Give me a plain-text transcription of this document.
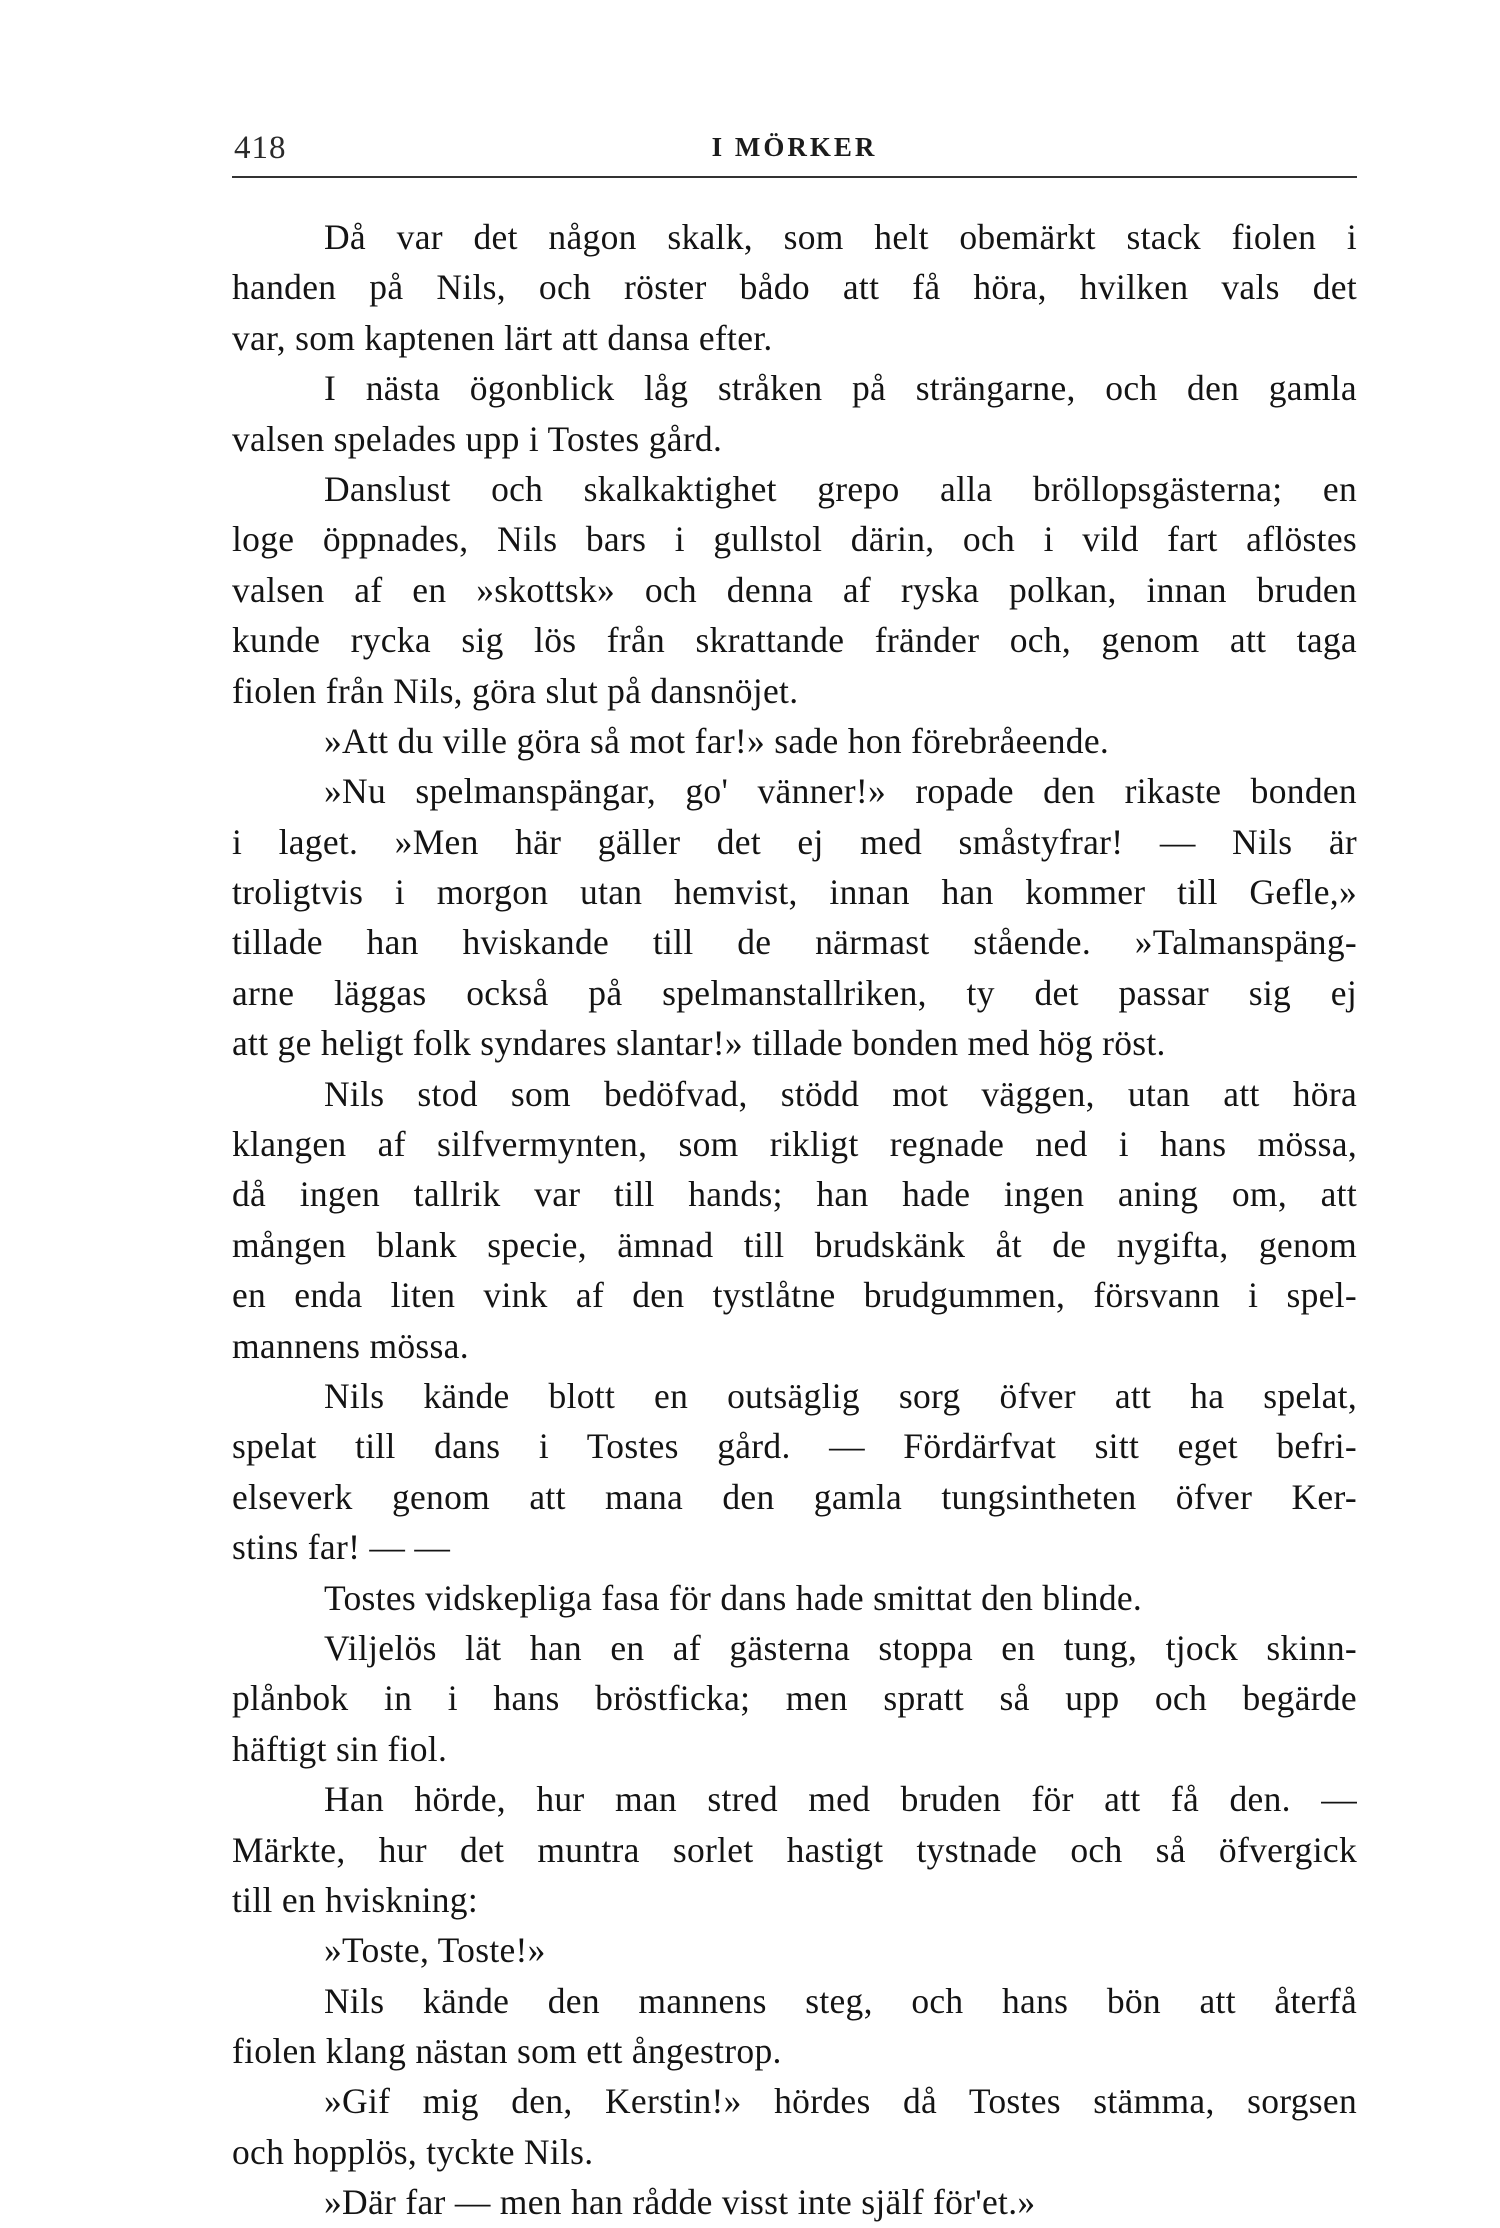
418	I MÖRKER
Då var det någon skalk, som helt obemärkt stack fiolen i
handen på Nils, och röster bådo att få höra, hvilken vals det
var, som kaptenen lärt att dansa efter.
I nästa ögonblick låg stråken på strängarne, och den gamla
valsen spelades upp i Tostes gård.
Danslust och skalkaktighet grepo alla bröllopsgästerna; en
loge öppnades, Nils bars i gullstol därin, och i vild fart aflöstes
valsen af en »skottsk» och denna af ryska polkan, innan bruden
kunde rycka sig lös från skrattande fränder och, genom att taga
fiolen från Nils, göra slut på dansnöjet.
»Att du ville göra så mot far!» sade hon förebråeende.
»Nu spelmanspängar, go' vänner!» ropade den rikaste bonden
i laget. »Men här gäller det ej med småstyfrar! — Nils är
troligtvis i morgon utan hemvist, innan han kommer till Gefle,»
tillade han hviskande till de närmast stående. »Talmanspäng-
arne läggas också på spelmanstallriken, ty det passar sig ej
att ge heligt folk syndares slantar!» tillade bonden med hög röst.
Nils stod som bedöfvad, stödd mot väggen, utan att höra
klangen af silfvermynten, som rikligt regnade ned i hans mössa,
då ingen tallrik var till hands; han hade ingen aning om, att
mången blank specie, ämnad till brudskänk åt de nygifta, genom
en enda liten vink af den tystlåtne brudgummen, försvann i spel-
mannens mössa.
Nils kände blott en outsäglig sorg öfver att ha spelat,
spelat till dans i Tostes gård. — Fördärfvat sitt eget befri-
elseverk genom att mana den gamla tungsintheten öfver Ker-
stins far! — —
Tostes vidskepliga fasa för dans hade smittat den blinde.
Viljelös lät han en af gästerna stoppa en tung, tjock skinn-
plånbok in i hans bröstficka; men spratt så upp och begärde
häftigt sin fiol.
Han hörde, hur man stred med bruden för att få den. —
Märkte, hur det muntra sorlet hastigt tystnade och så öfvergick
till en hviskning:
»Toste, Toste!»
Nils kände den mannens steg, och hans bön att återfå
fiolen klang nästan som ett ångestrop.
»Gif mig den, Kerstin!» hördes då Tostes stämma, sorgsen
och hopplös, tyckte Nils.
»Där far — men han rådde visst inte själf för'et.»
